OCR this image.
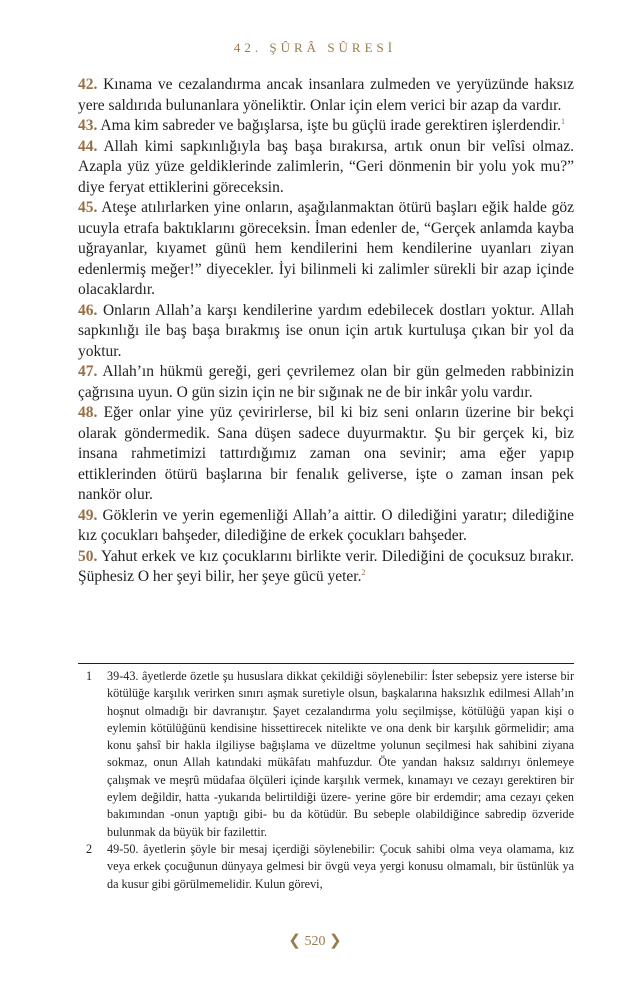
42. ŞÛRÂ SÛRESİ

42. Kınama ve cezalandırma ancak insanlara zulmeden ve yeryüzünde haksız yere saldırıda bulunanlara yöneliktir. Onlar için elem verici bir azap da vardır.

43. Ama kim sabreder ve bağışlarsa, işte bu güçlü irade gerektiren işlerdendir.$^1$

44. Allah kimi sapkınlığıyla baş başa bırakırsa, artık onun bir velîsi olmaz. Azapla yüz yüze geldiklerinde zalimlerin, “Geri dönmenin bir yolu yok mu?” diye feryat ettiklerini göreceksin.

45. Ateşe atılırlarken yine onların, aşağılanmaktan ötürü başları eğik halde göz ucuyla etrafa baktıklarını göreceksin. İman edenler de, “Gerçek anlamda kayba uğrayanlar, kıyamet günü hem kendilerini hem kendilerine uyanları ziyan edenlermiş meğer!” diyecekler. İyi bilinmeli ki zalimler sürekli bir azap içinde olacaklardır.

46. Onların Allah’a karşı kendilerine yardım edebilecek dostları yoktur. Allah sapkınlığı ile baş başa bırakmış ise onun için artık kurtuluşa çıkan bir yol da yoktur.

47. Allah’ın hükmü gereği, geri çevrilemez olan bir gün gelmeden rabbinizin çağrısına uyun. O gün sizin için ne bir sığınak ne de bir inkâr yolu vardır.

48. Eğer onlar yine yüz çevirirlerse, bil ki biz seni onların üzerine bir bekçi olarak göndermedik. Sana düşen sadece duyurmaktır. Şu bir gerçek ki, biz insana rahmetimizi tattırdığımız zaman ona sevinir; ama eğer yapıp ettiklerinden ötürü başlarına bir fenalık geliverse, işte o zaman insan pek nankör olur.

49. Göklerin ve yerin egemenliği Allah’a aittir. O dilediğini yaratır; dilediğine kız çocukları bahşeder, dilediğine de erkek çocukları bahşeder.

50. Yahut erkek ve kız çocuklarını birlikte verir. Dilediğini de çocuksuz bırakır. Şüphesiz O her şeyi bilir, her şeye gücü yeter.$^2$

1	39-43. âyetlerde özetle şu hususlara dikkat çekildiği söylenebilir: İster sebepsiz yere isterse bir kötülüğe karşılık verirken sınırı aşmak suretiyle olsun, başkalarına haksızlık edilmesi Allah’ın hoşnut olmadığı bir davranıştır. Şayet cezalandırma yolu seçilmişse, kötülüğü yapan kişi o eylemin kötülüğünü kendisine hissettirecek nitelikte ve ona denk bir karşılık görmelidir; ama konu şahsî bir hakla ilgiliyse bağışlama ve düzeltme yolunun seçilmesi hak sahibini ziyana sokmaz, onun Allah katındaki mükâfatı mahfuzdur. Öte yandan haksız saldırıyı önlemeye çalışmak ve meşrû müdafaa ölçüleri içinde karşılık vermek, kınamayı ve cezayı gerektiren bir eylem değildir, hatta -yukarıda belirtildiği üzere- yerine göre bir erdemdir; ama cezayı çeken bakımından -onun yaptığı gibi- bu da kötüdür. Bu sebeple olabildiğince sabredip özveride bulunmak da büyük bir fazilettir.
2	49-50. âyetlerin şöyle bir mesaj içerdiği söylenebilir: Çocuk sahibi olma veya olamama, kız veya erkek çocuğunun dünyaya gelmesi bir övgü veya yergi konusu olmamalı, bir üstünlük ya da kusur gibi görülmemelidir. Kulun görevi,
❮ 520 ❯
